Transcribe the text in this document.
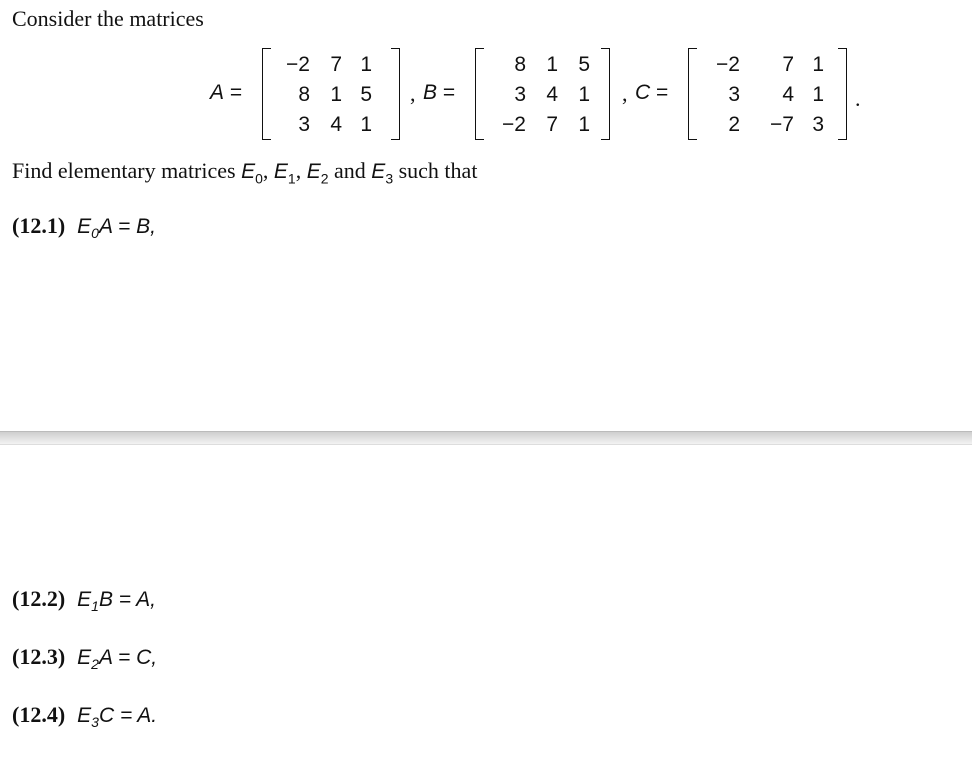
Consider the matrices
A =
−2 7 1
8 1 5
3 4 1
, B =
8 1 5
3 4 1
−2 7 1
, C =
−2	7 1
3	4 1
2	−7 3
.
Find elementary matrices $E_0$, $E_1$, $E_2$ and $E_3$ such that
(12.1) $E_0A = B$,
(12.2) $E_1B = A$,
(12.3) $E_2A = C$,
(12.4) $E_3C = A$.
